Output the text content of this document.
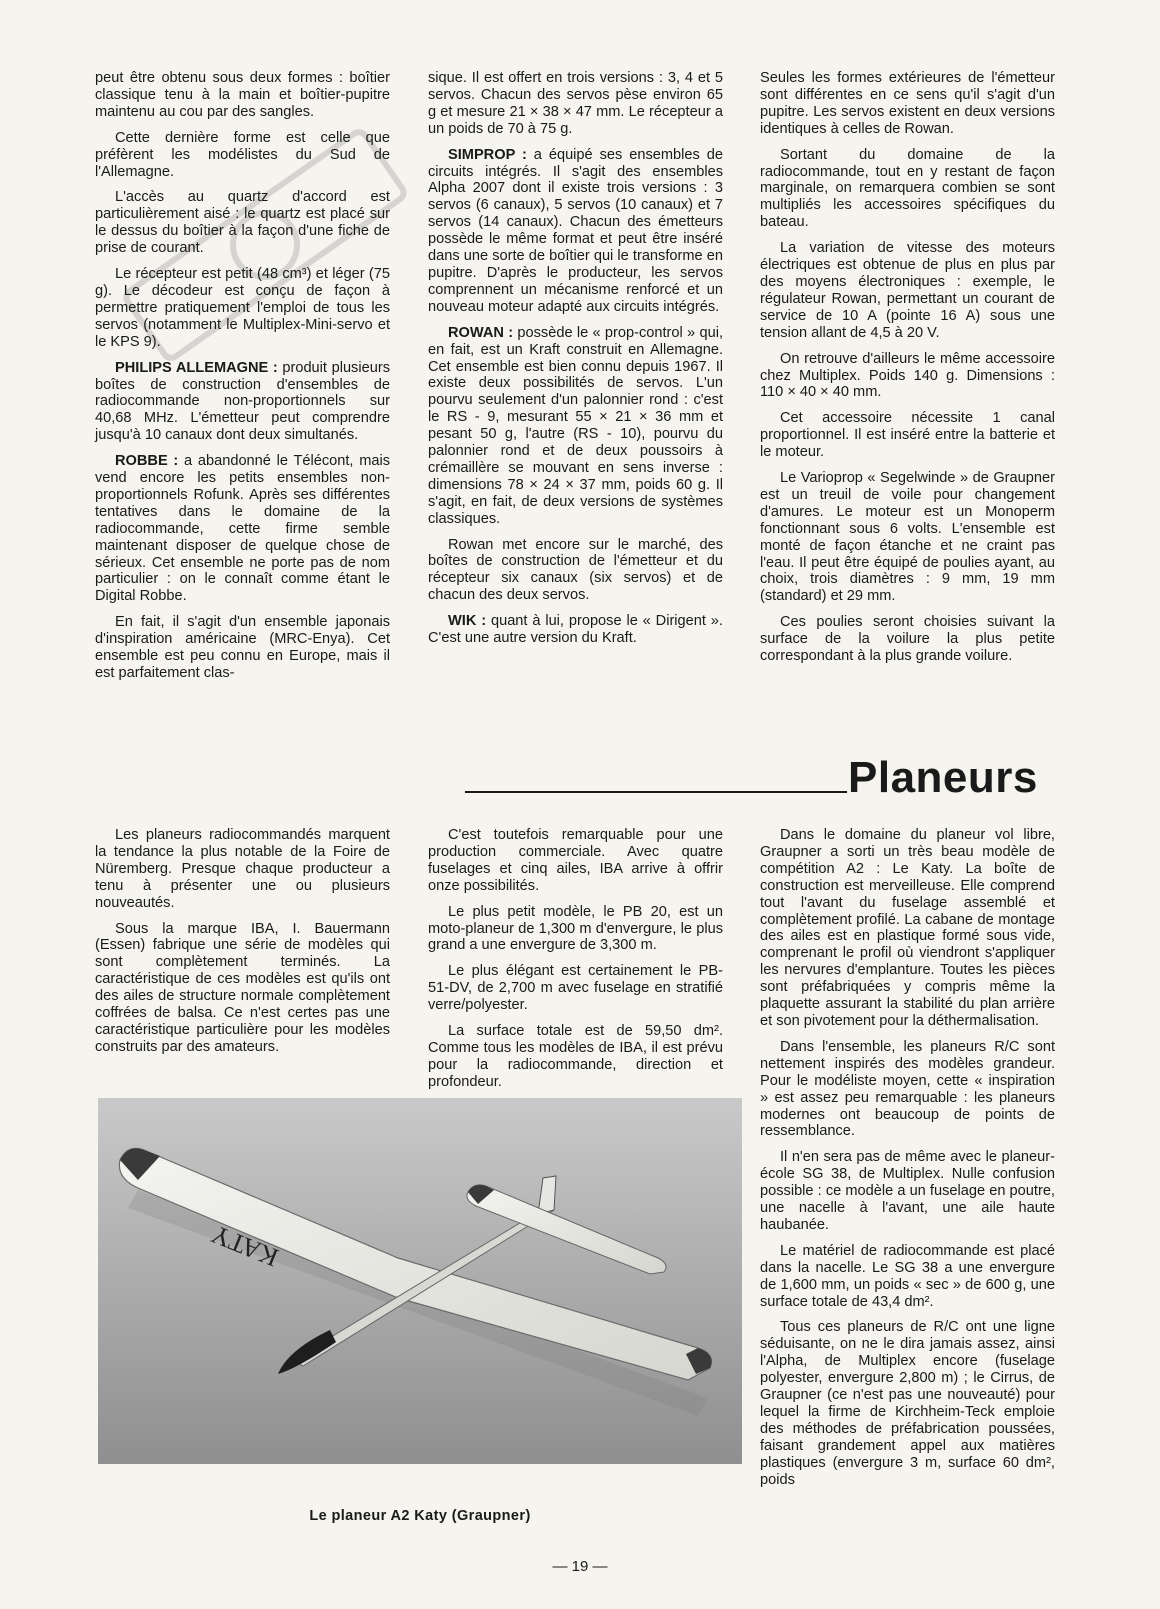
peut être obtenu sous deux formes : boîtier classique tenu à la main et boîtier-pupitre maintenu au cou par des sangles.

Cette dernière forme est celle que préfèrent les modélistes du Sud de l'Allemagne.

L'accès au quartz d'accord est particulièrement aisé : le quartz est placé sur le dessus du boîtier à la façon d'une fiche de prise de courant.

Le récepteur est petit (48 cm³) et léger (75 g). Le décodeur est conçu de façon à permettre pratiquement l'emploi de tous les servos (notamment le Multiplex-Mini-servo et le KPS 9).

PHILIPS ALLEMAGNE : produit plusieurs boîtes de construction d'ensembles de radiocommande non-proportionnels sur 40,68 MHz. L'émetteur peut comprendre jusqu'à 10 canaux dont deux simultanés.

ROBBE : a abandonné le Télécont, mais vend encore les petits ensembles non-proportionnels Rofunk. Après ses différentes tentatives dans le domaine de la radiocommande, cette firme semble maintenant disposer de quelque chose de sérieux. Cet ensemble ne porte pas de nom particulier : on le connaît comme étant le Digital Robbe.

En fait, il s'agit d'un ensemble japonais d'inspiration américaine (MRC-Enya). Cet ensemble est peu connu en Europe, mais il est parfaitement clas-

sique. Il est offert en trois versions : 3, 4 et 5 servos. Chacun des servos pèse environ 65 g et mesure 21 × 38 × 47 mm. Le récepteur a un poids de 70 à 75 g.

SIMPROP : a équipé ses ensembles de circuits intégrés. Il s'agit des ensembles Alpha 2007 dont il existe trois versions : 3 servos (6 canaux), 5 servos (10 canaux) et 7 servos (14 canaux). Chacun des émetteurs possède le même format et peut être inséré dans une sorte de boîtier qui le transforme en pupitre. D'après le producteur, les servos comprennent un mécanisme renforcé et un nouveau moteur adapté aux circuits intégrés.

ROWAN : possède le « prop-control » qui, en fait, est un Kraft construit en Allemagne. Cet ensemble est bien connu depuis 1967. Il existe deux possibilités de servos. L'un pourvu seulement d'un palonnier rond : c'est le RS - 9, mesurant 55 × 21 × 36 mm et pesant 50 g, l'autre (RS - 10), pourvu du palonnier rond et de deux poussoirs à crémaillère se mouvant en sens inverse : dimensions 78 × 24 × 37 mm, poids 60 g. Il s'agit, en fait, de deux versions de systèmes classiques.

Rowan met encore sur le marché, des boîtes de construction de l'émetteur et du récepteur six canaux (six servos) et de chacun des deux servos.

WIK : quant à lui, propose le « Dirigent ». C'est une autre version du Kraft.

Seules les formes extérieures de l'émetteur sont différentes en ce sens qu'il s'agit d'un pupitre. Les servos existent en deux versions identiques à celles de Rowan.

Sortant du domaine de la radiocommande, tout en y restant de façon marginale, on remarquera combien se sont multipliés les accessoires spécifiques du bateau.

La variation de vitesse des moteurs électriques est obtenue de plus en plus par des moyens électroniques : exemple, le régulateur Rowan, permettant un courant de service de 10 A (pointe 16 A) sous une tension allant de 4,5 à 20 V.

On retrouve d'ailleurs le même accessoire chez Multiplex. Poids 140 g. Dimensions : 110 × 40 × 40 mm.

Cet accessoire nécessite 1 canal proportionnel. Il est inséré entre la batterie et le moteur.

Le Varioprop « Segelwinde » de Graupner est un treuil de voile pour changement d'amures. Le moteur est un Monoperm fonctionnant sous 6 volts. L'ensemble est monté de façon étanche et ne craint pas l'eau. Il peut être équipé de poulies ayant, au choix, trois diamètres : 9 mm, 19 mm (standard) et 29 mm.

Ces poulies seront choisies suivant la surface de la voilure la plus petite correspondant à la plus grande voilure.

Planeurs

Les planeurs radiocommandés marquent la tendance la plus notable de la Foire de Nüremberg. Presque chaque producteur a tenu à présenter une ou plusieurs nouveautés.

Sous la marque IBA, I. Bauermann (Essen) fabrique une série de modèles qui sont complètement terminés. La caractéristique de ces modèles est qu'ils ont des ailes de structure normale complètement coffrées de balsa. Ce n'est certes pas une caractéristique particulière pour les modèles construits par des amateurs.

C'est toutefois remarquable pour une production commerciale. Avec quatre fuselages et cinq ailes, IBA arrive à offrir onze possibilités.

Le plus petit modèle, le PB 20, est un moto-planeur de 1,300 m d'envergure, le plus grand a une envergure de 3,300 m.

Le plus élégant est certainement le PB-51-DV, de 2,700 m avec fuselage en stratifié verre/polyester.

La surface totale est de 59,50 dm². Comme tous les modèles de IBA, il est prévu pour la radiocommande, direction et profondeur.

Dans le domaine du planeur vol libre, Graupner a sorti un très beau modèle de compétition A2 : Le Katy. La boîte de construction est merveilleuse. Elle comprend tout l'avant du fuselage assemblé et complètement profilé. La cabane de montage des ailes est en plastique formé sous vide, comprenant le profil où viendront s'appliquer les nervures d'emplanture. Toutes les pièces sont préfabriquées y compris même la plaquette assurant la stabilité du plan arrière et son pivotement pour la déthermalisation.

Dans l'ensemble, les planeurs R/C sont nettement inspirés des modèles grandeur. Pour le modéliste moyen, cette « inspiration » est assez peu remarquable : les planeurs modernes ont beaucoup de points de ressemblance.

Il n'en sera pas de même avec le planeur-école SG 38, de Multiplex. Nulle confusion possible : ce modèle a un fuselage en poutre, une nacelle à l'avant, une aile haute haubanée.

Le matériel de radiocommande est placé dans la nacelle. Le SG 38 a une envergure de 1,600 mm, un poids « sec » de 600 g, une surface totale de 43,4 dm².

Tous ces planeurs de R/C ont une ligne séduisante, on ne le dira jamais assez, ainsi l'Alpha, de Multiplex encore (fuselage polyester, envergure 2,800 m) ; le Cirrus, de Graupner (ce n'est pas une nouveauté) pour lequel la firme de Kirchheim-Teck emploie des méthodes de préfabrication poussées, faisant grandement appel aux matières plastiques (envergure 3 m, surface 60 dm², poids

KATY
Le planeur A2 Katy (Graupner)
— 19 —
